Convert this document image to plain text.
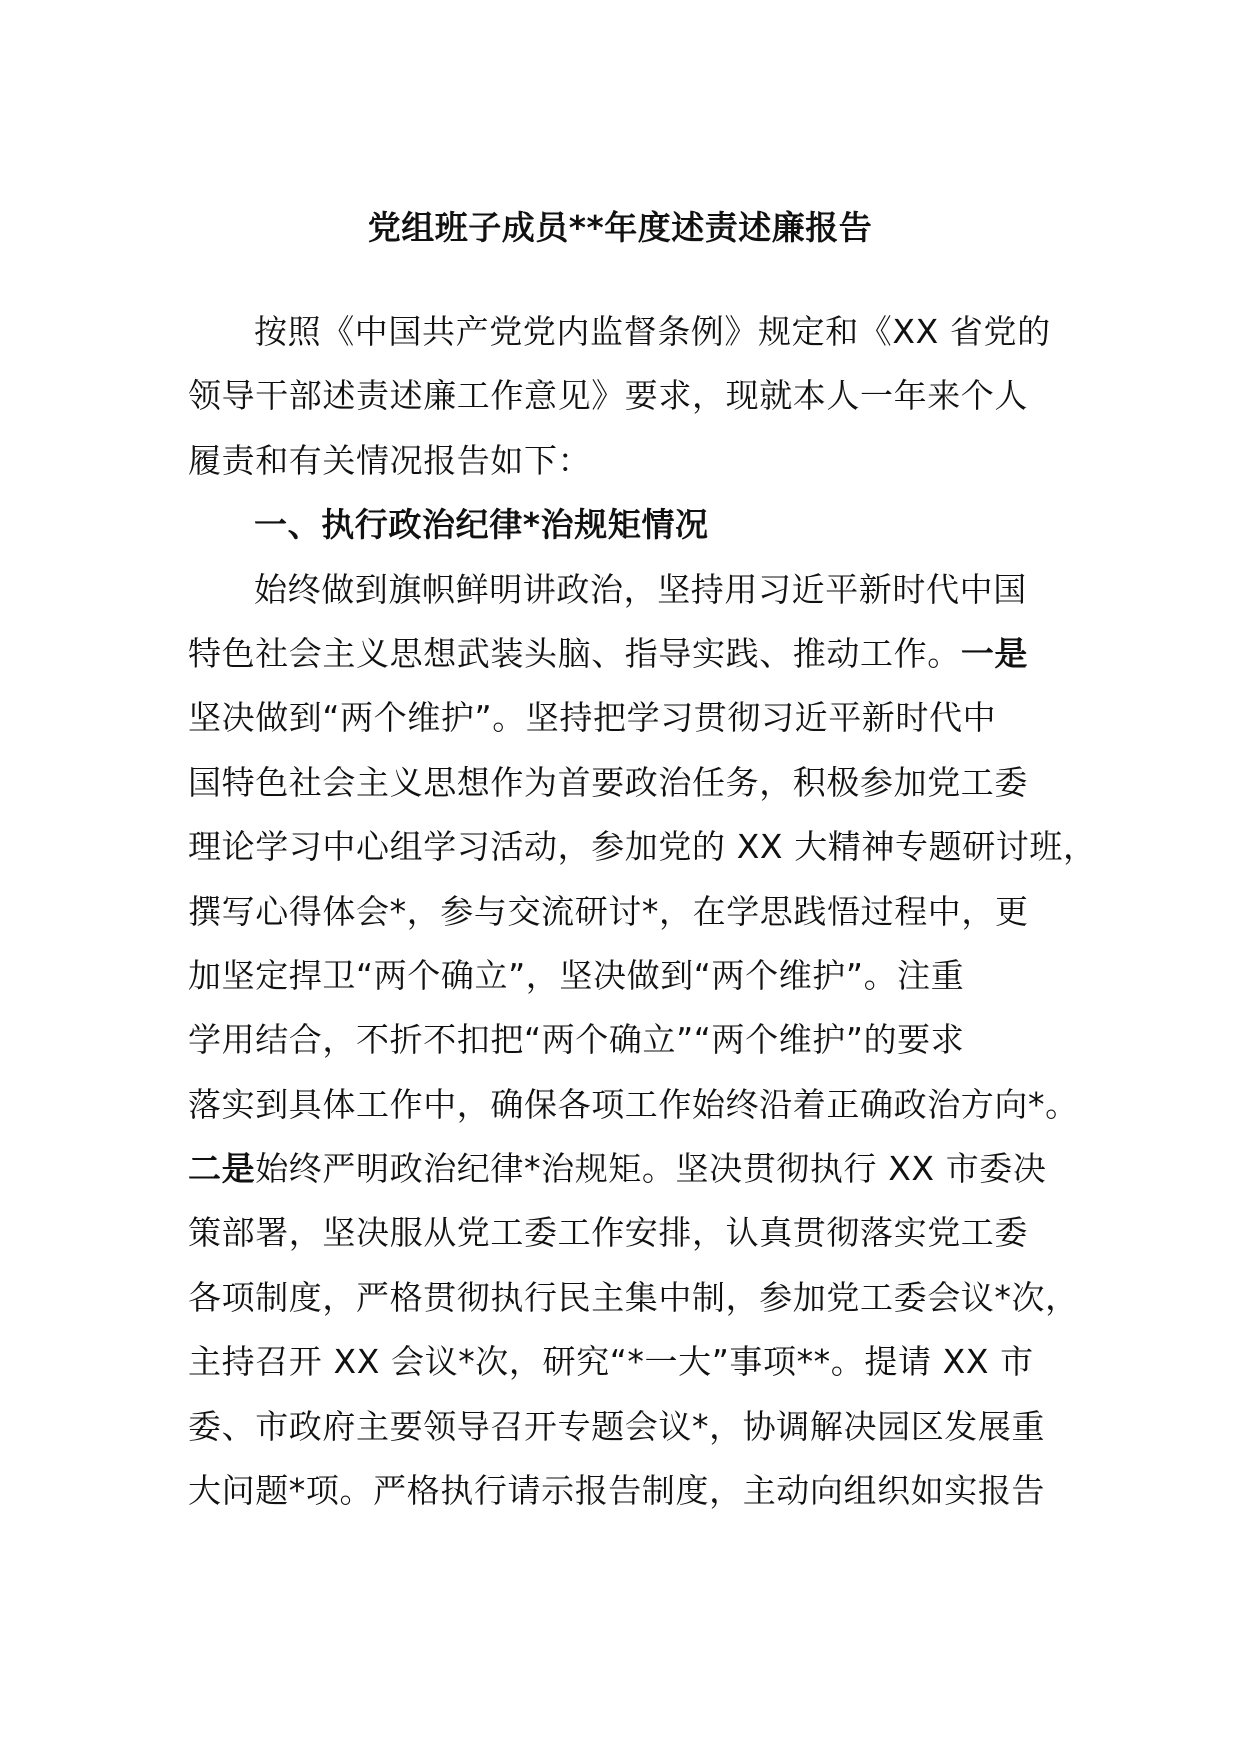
党组班子成员**年度述责述廉报告
按照《中国共产党党内监督条例》规定和《XX 省党的
领导干部述责述廉工作意见》要求，现就本人一年来个人
履责和有关情况报告如下：
一、执行政治纪律*治规矩情况
始终做到旗帜鲜明讲政治，坚持用习近平新时代中国
特色社会主义思想武装头脑、指导实践、推动工作。一是
坚决做到“两个维护”。坚持把学习贯彻习近平新时代中
国特色社会主义思想作为首要政治任务，积极参加党工委
理论学习中心组学习活动，参加党的 XX 大精神专题研讨班，
撰写心得体会*，参与交流研讨*，在学思践悟过程中，更
加坚定捍卫“两个确立”，坚决做到“两个维护”。注重
学用结合，不折不扣把“两个确立”“两个维护”的要求
落实到具体工作中，确保各项工作始终沿着正确政治方向*。
二是始终严明政治纪律*治规矩。坚决贯彻执行 XX 市委决
策部署，坚决服从党工委工作安排，认真贯彻落实党工委
各项制度，严格贯彻执行民主集中制，参加党工委会议*次，
主持召开 XX 会议*次，研究“*一大”事项**。提请 XX 市
委、市政府主要领导召开专题会议*，协调解决园区发展重
大问题*项。严格执行请示报告制度，主动向组织如实报告
